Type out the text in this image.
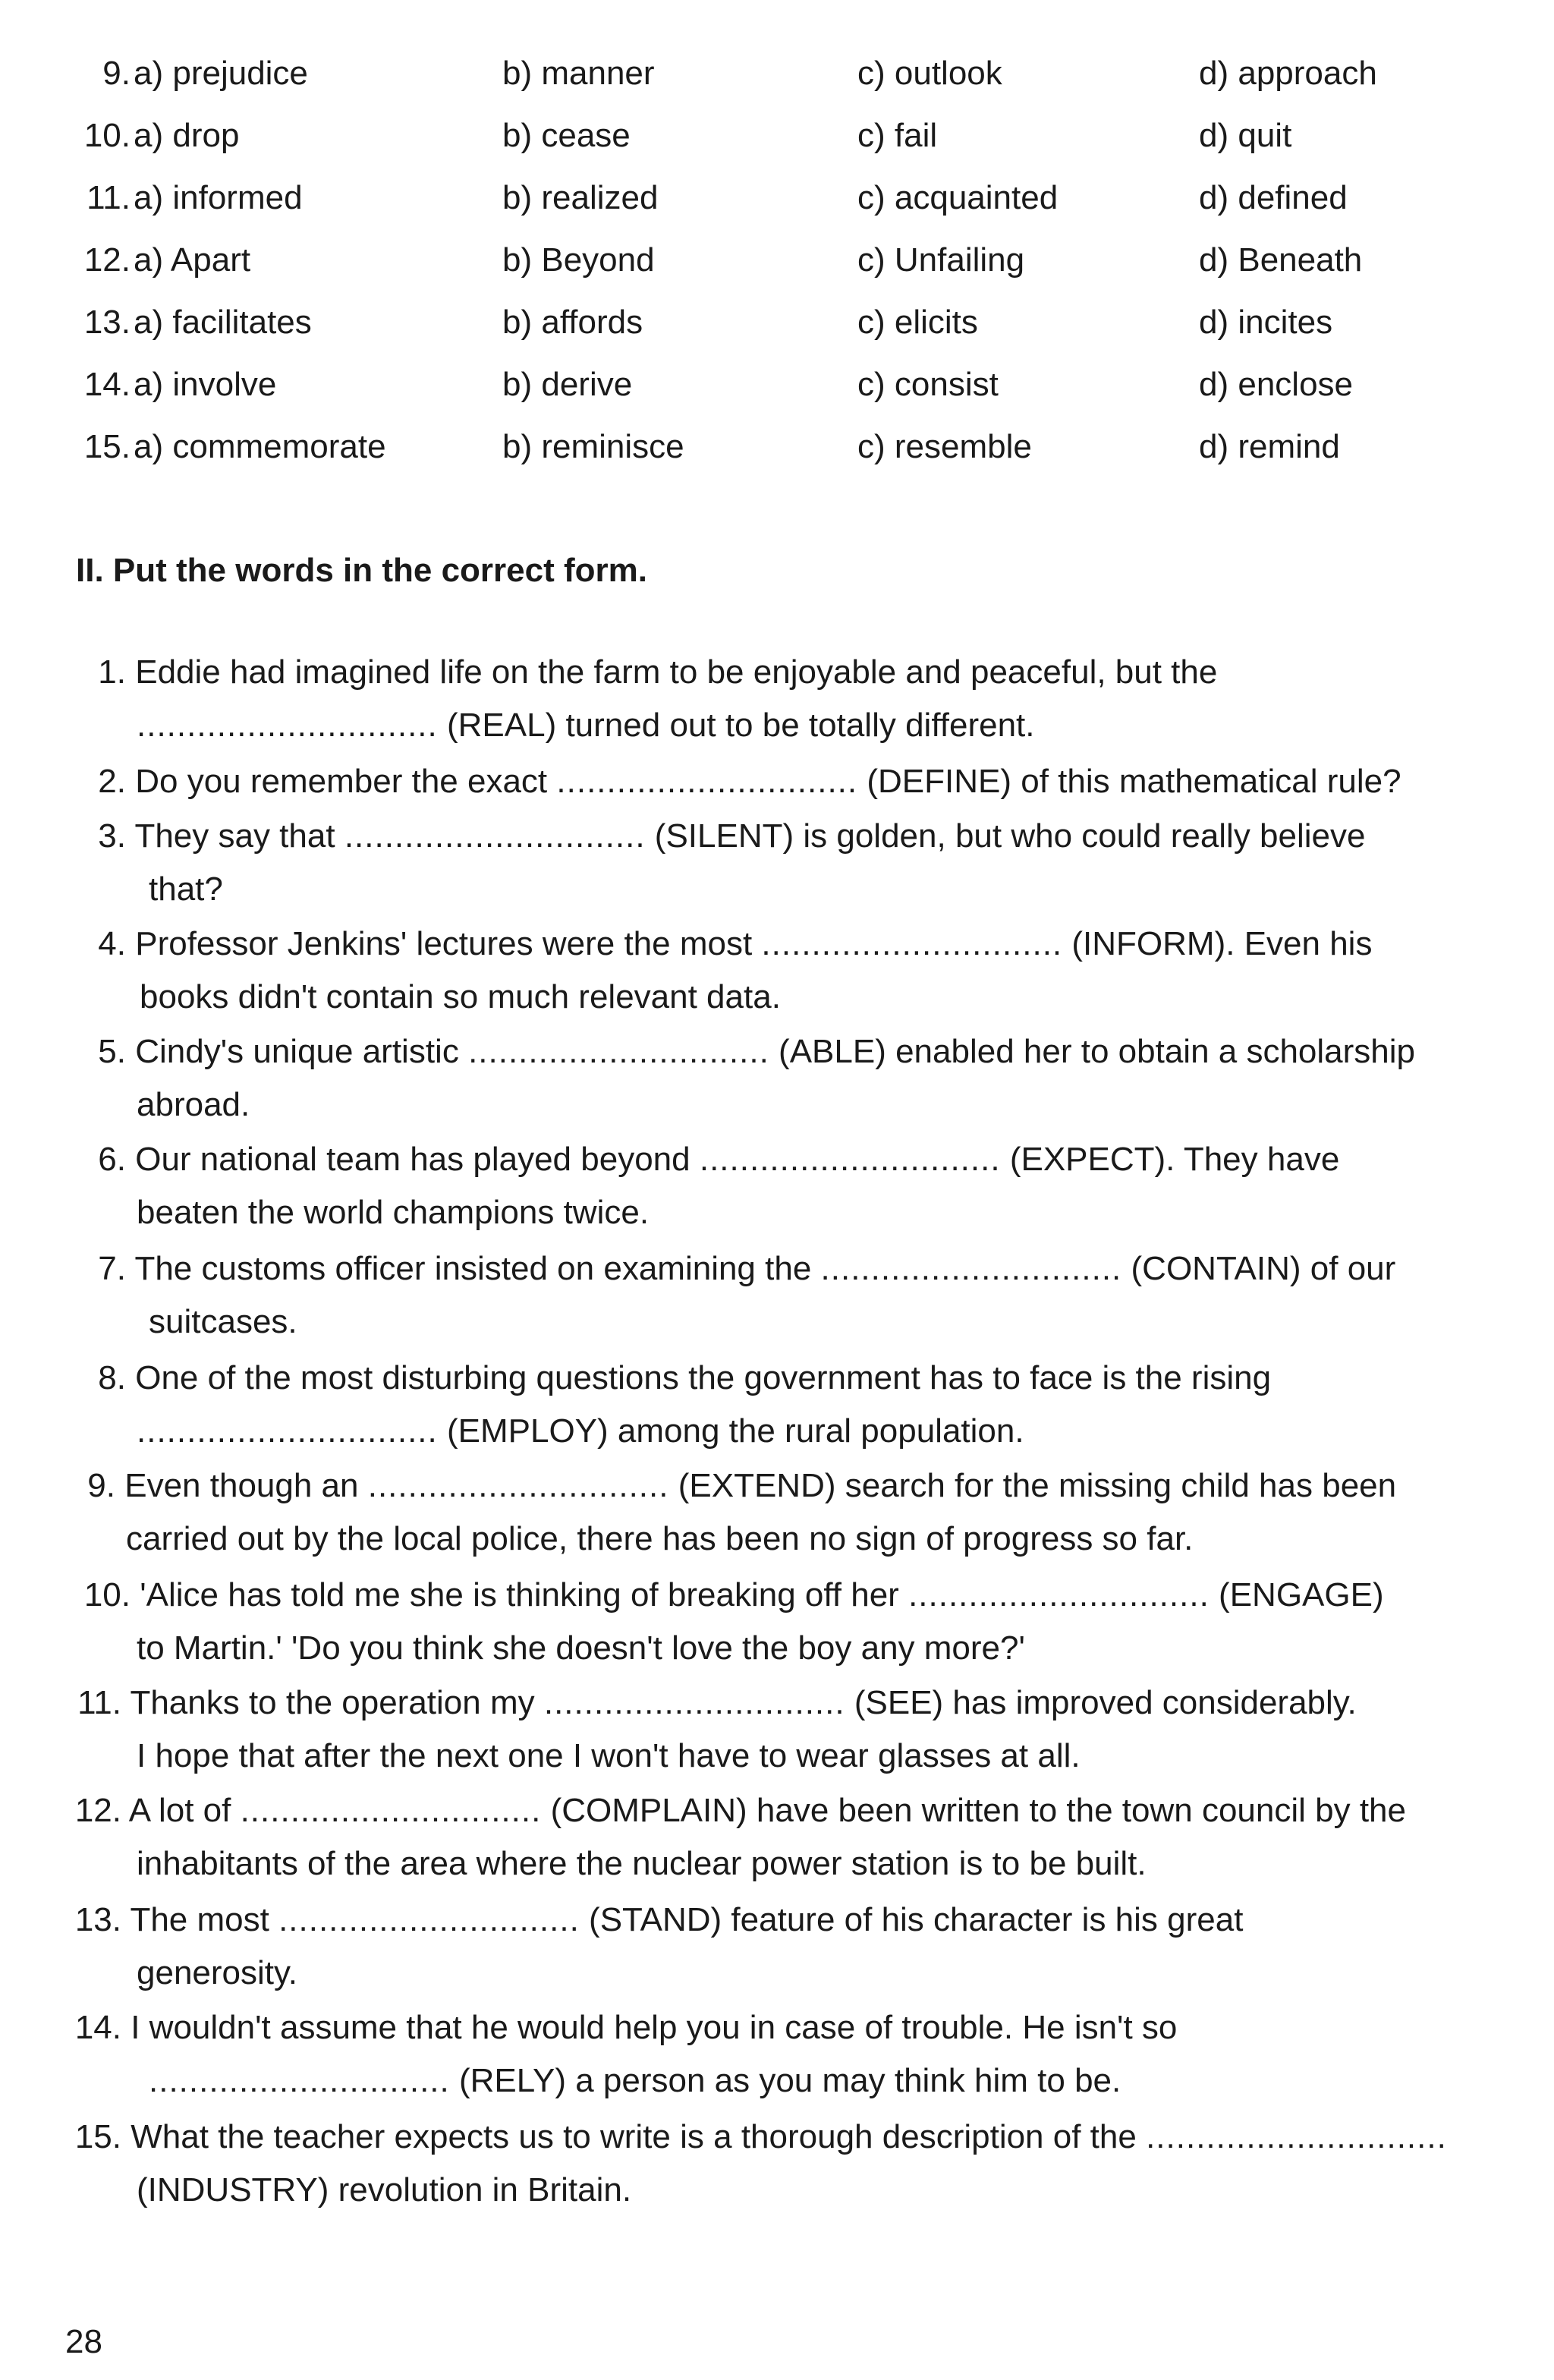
9. a) prejudice	b) manner	c) outlook	d) approach
10. a) drop	b) cease	c) fail	d) quit
11. a) informed	b) realized	c) acquainted	d) defined
12. a) Apart	b) Beyond	c) Unfailing	d) Beneath
13. a) facilitates	b) affords	c) elicits	d) incites
14. a) involve	b) derive	c) consist	d) enclose
15. a) commemorate	b) reminisce	c) resemble	d) remind
II. Put the words in the correct form.
1. Eddie had imagined life on the farm to be enjoyable and peaceful, but the
.............................. (REAL) turned out to be totally different.
2. Do you remember the exact .............................. (DEFINE) of this mathematical rule?
3. They say that .............................. (SILENT) is golden, but who could really believe
that?
4. Professor Jenkins' lectures were the most .............................. (INFORM). Even his
books didn't contain so much relevant data.
5. Cindy's unique artistic .............................. (ABLE) enabled her to obtain a scholarship
abroad.
6. Our national team has played beyond .............................. (EXPECT). They have
beaten the world champions twice.
7. The customs officer insisted on examining the .............................. (CONTAIN) of our
suitcases.
8. One of the most disturbing questions the government has to face is the rising
.............................. (EMPLOY) among the rural population.
9. Even though an .............................. (EXTEND) search for the missing child has been
carried out by the local police, there has been no sign of progress so far.
10. 'Alice has told me she is thinking of breaking off her .............................. (ENGAGE)
to Martin.' 'Do you think she doesn't love the boy any more?'
11. Thanks to the operation my .............................. (SEE) has improved considerably.
I hope that after the next one I won't have to wear glasses at all.
12. A lot of .............................. (COMPLAIN) have been written to the town council by the
inhabitants of the area where the nuclear power station is to be built.
13. The most .............................. (STAND) feature of his character is his great
generosity.
14. I wouldn't assume that he would help you in case of trouble. He isn't so
.............................. (RELY) a person as you may think him to be.
15. What the teacher expects us to write is a thorough description of the ..............................
(INDUSTRY) revolution in Britain.
28
